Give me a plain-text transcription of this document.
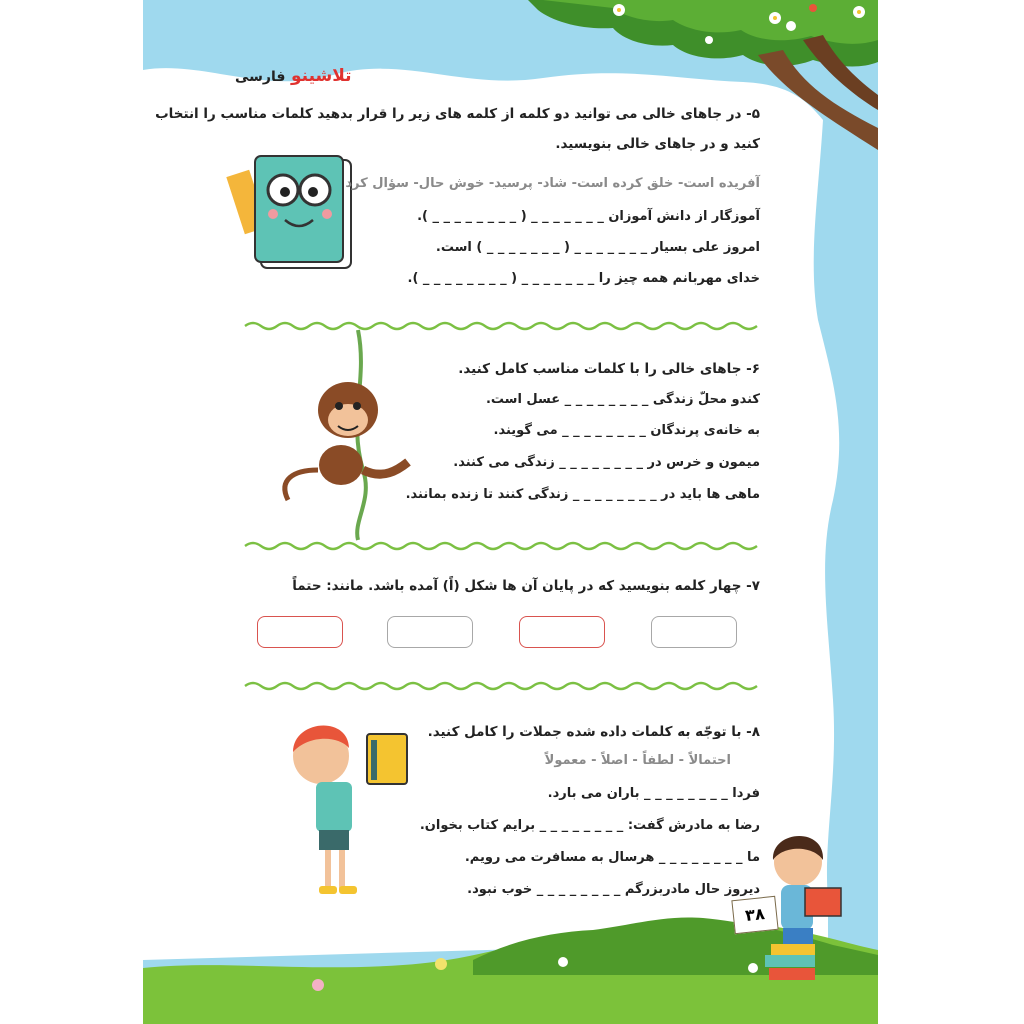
تلاشینو فارسی
۵- در جاهای خالی می توانید دو کلمه از کلمه های زیر را قرار بدهید کلمات مناسب را انتخاب
کنید و در جاهای خالی بنویسید.
آفریده است- خلق کرده است- شاد- پرسید- خوش حال- سؤال کرد
آموزگار از دانش آموزان _ _ _ _ _ _ _ ( _ _ _ _ _ _ _ _ ).
امروز علی بسیار _ _ _ _ _ _ _ ( _ _ _ _ _ _ _ ) است.
خدای مهربانم همه چیز را _ _ _ _ _ _ _ ( _ _ _ _ _ _ _ _ ).
۶- جاهای خالی را با کلمات مناسب کامل کنید.
کندو محلّ زندگی _ _ _ _ _ _ _ _ عسل است.
به خانه‌ی پرندگان _ _ _ _ _ _ _ _ می گویند.
میمون و خرس در _ _ _ _ _ _ _ _ زندگی می کنند.
ماهی ها باید در _ _ _ _ _ _ _ _ زندگی کنند تا زنده بمانند.
۷- چهار کلمه بنویسید که در پایان آن ها شکل (اً) آمده باشد. مانند: حتماً
۸- با توجّه به کلمات داده شده جملات را کامل کنید.
احتمالاً - لطفاً - اصلاً - معمولاً
فردا _ _ _ _ _ _ _ _ باران می بارد.
رضا به مادرش گفت: _ _ _ _ _ _ _ _ برایم کتاب بخوان.
ما _ _ _ _ _ _ _ _ هرسال به مسافرت می رویم.
دیروز حال مادربزرگم _ _ _ _ _ _ _ _ خوب نبود.
۳۸
